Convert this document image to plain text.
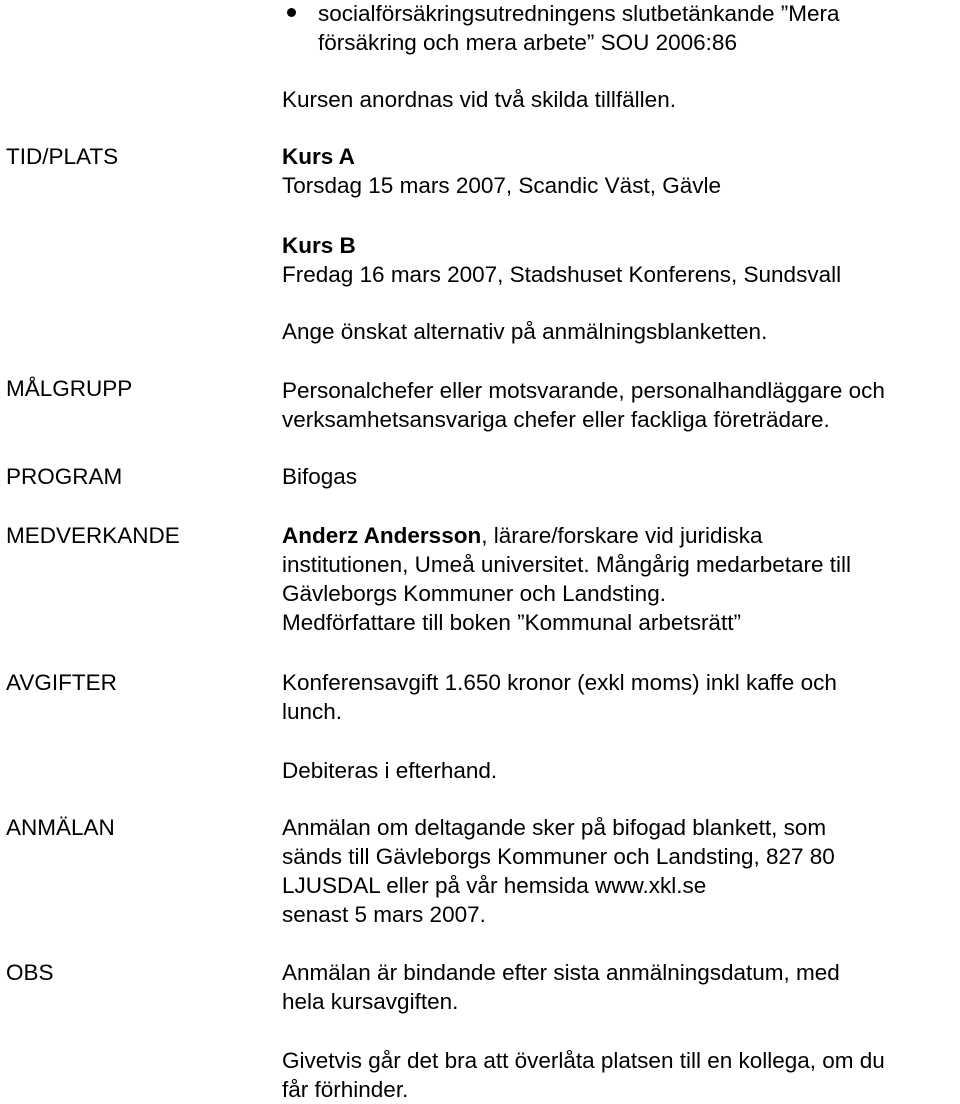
socialförsäkringsutredningens slutbetänkande ”Mera
försäkring och mera arbete” SOU 2006:86
Kursen anordnas vid två skilda tillfällen.
TID/PLATS	Kurs A
Torsdag 15 mars 2007, Scandic Väst, Gävle
Kurs B
Fredag 16 mars 2007, Stadshuset Konferens, Sundsvall
Ange önskat alternativ på anmälningsblanketten.
MÅLGRUPP	Personalchefer eller motsvarande, personalhandläggare och
verksamhetsansvariga chefer eller fackliga företrädare.
PROGRAM	Bifogas
MEDVERKANDE	Anderz Andersson, lärare/forskare vid juridiska
institutionen, Umeå universitet. Mångårig medarbetare till
Gävleborgs Kommuner och Landsting.
Medförfattare till boken ”Kommunal arbetsrätt”
AVGIFTER	Konferensavgift 1.650 kronor (exkl moms) inkl kaffe och
lunch.
Debiteras i efterhand.
ANMÄLAN	Anmälan om deltagande sker på bifogad blankett, som
sänds till Gävleborgs Kommuner och Landsting, 827 80
LJUSDAL eller på vår hemsida www.xkl.se
senast 5 mars 2007.
OBS	Anmälan är bindande efter sista anmälningsdatum, med
hela kursavgiften.
Givetvis går det bra att överlåta platsen till en kollega, om du
får förhinder.
